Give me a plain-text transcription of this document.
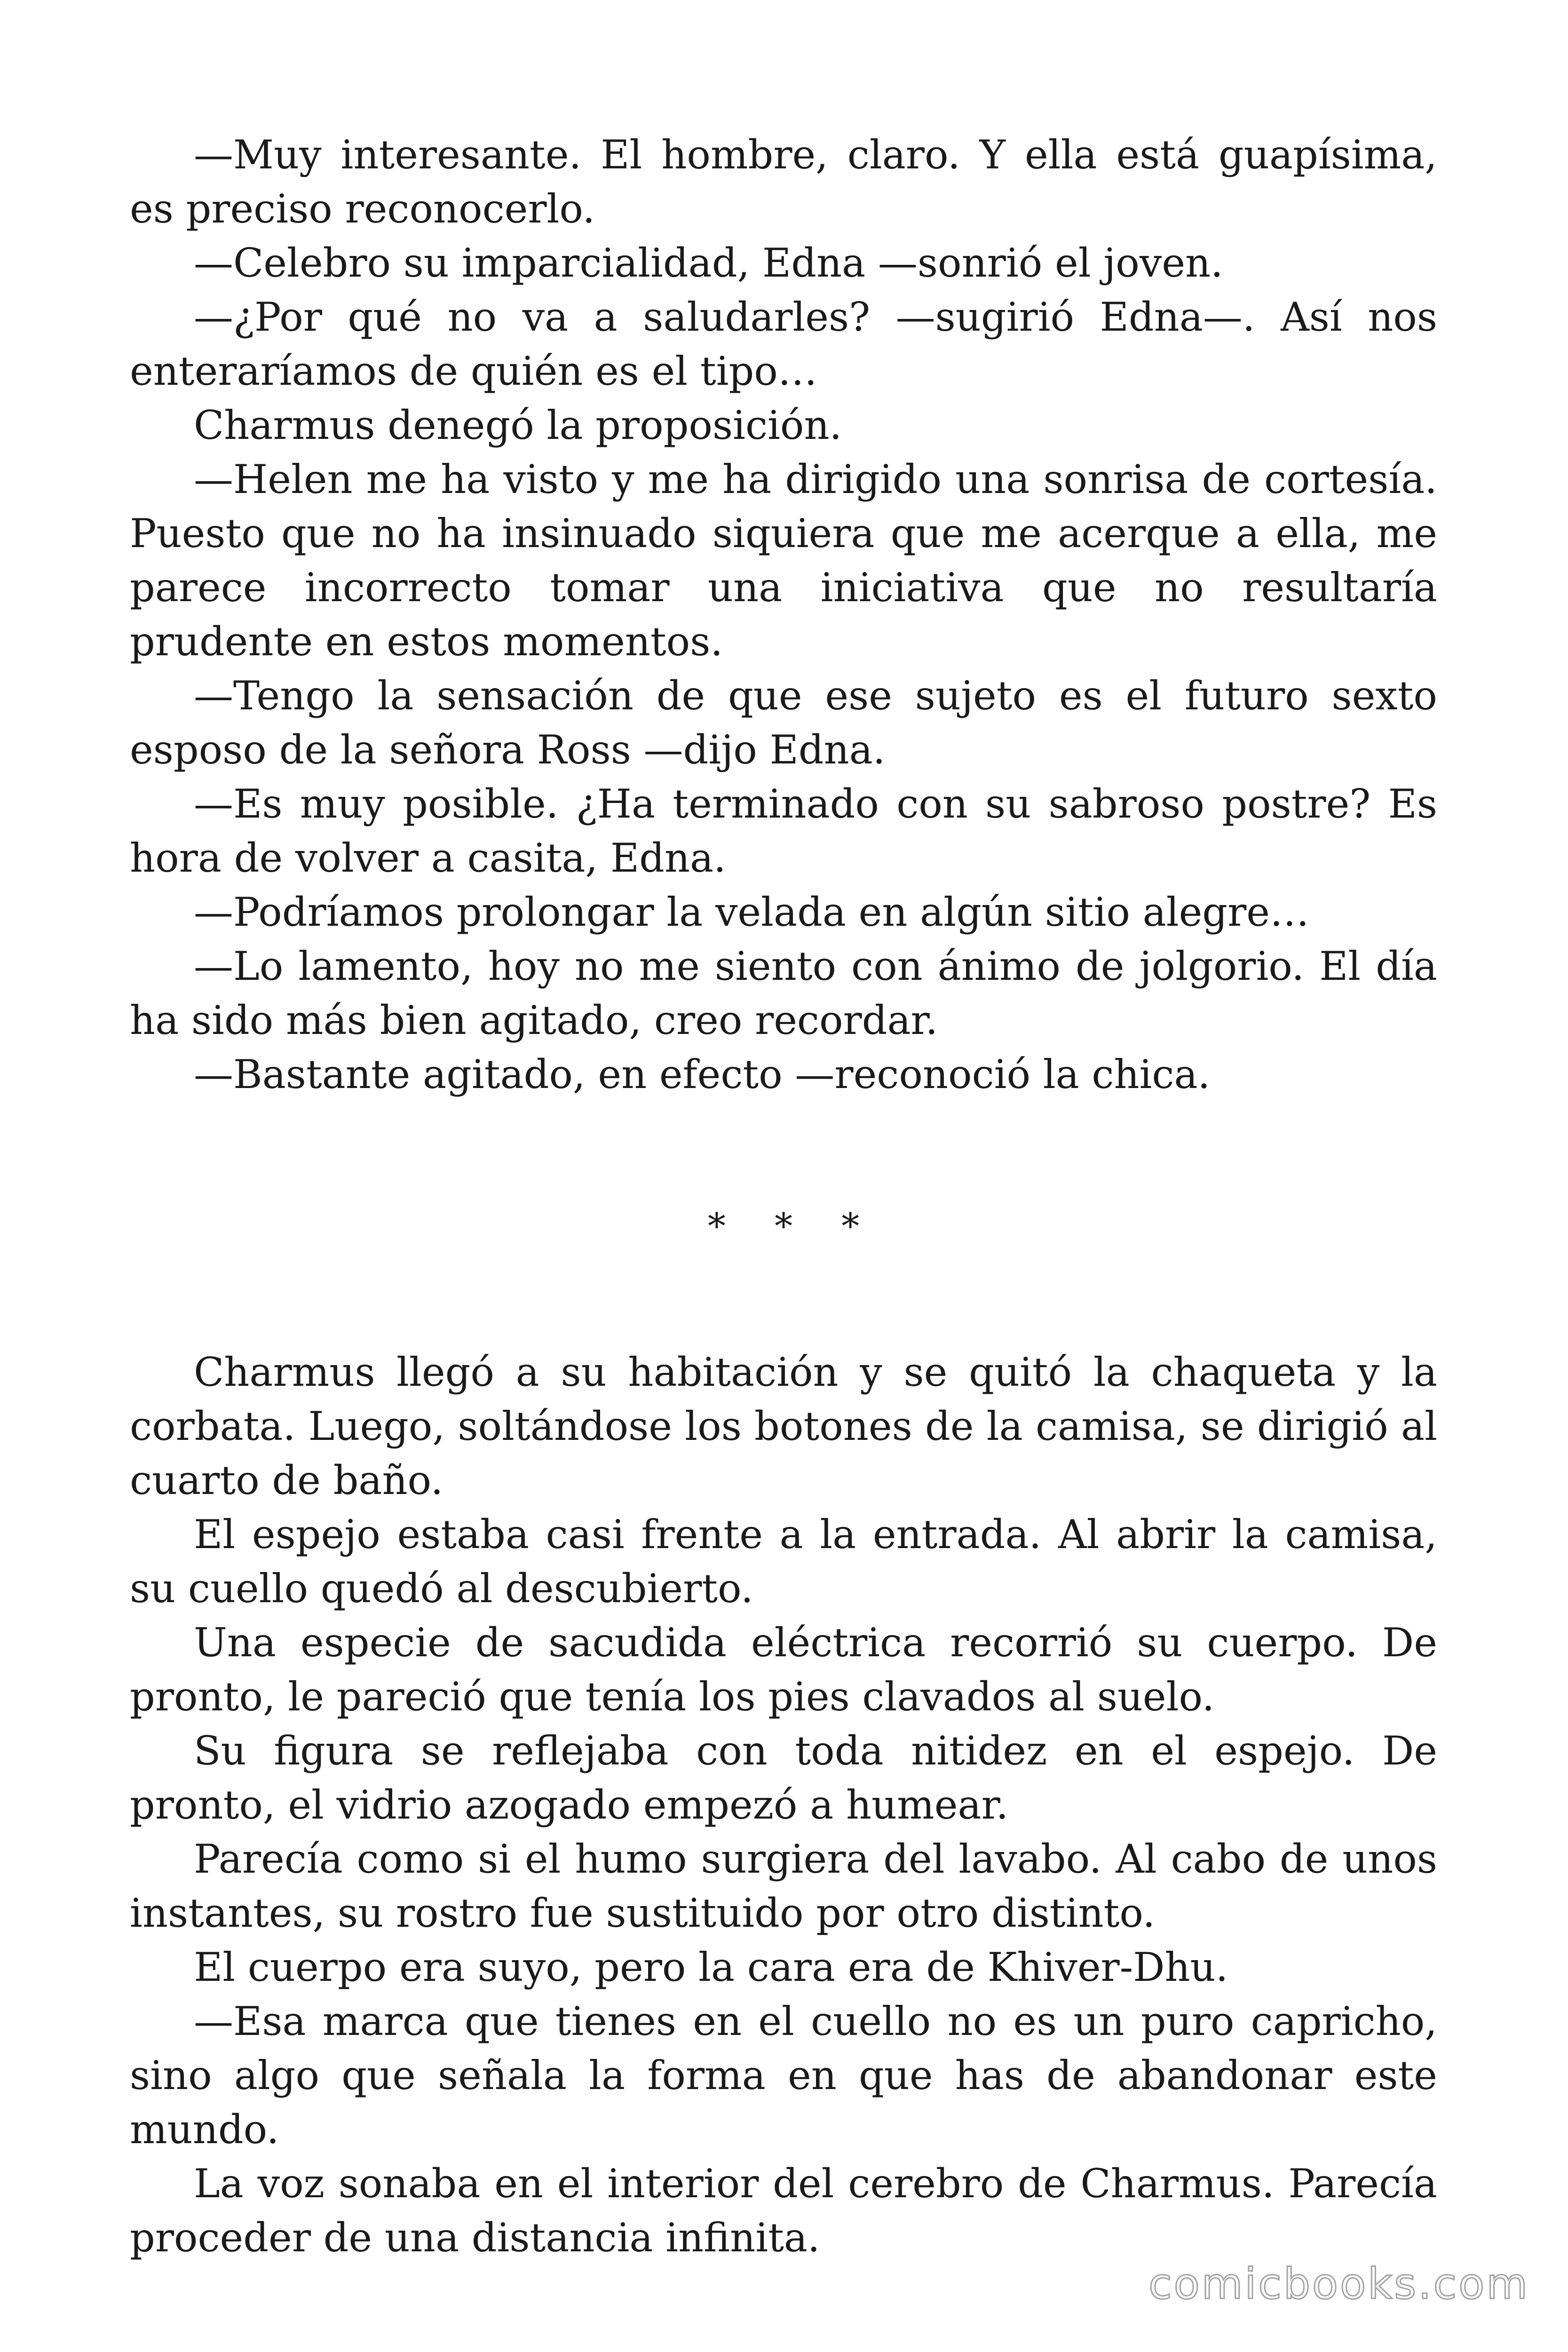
—Muy interesante. El hombre, claro. Y ella está guapísima, es preciso reconocerlo.

—Celebro su imparcialidad, Edna —sonrió el joven.

—¿Por qué no va a saludarles? —sugirió Edna—. Así nos enteraríamos de quién es el tipo…

Charmus denegó la proposición.

—Helen me ha visto y me ha dirigido una sonrisa de cortesía. Puesto que no ha insinuado siquiera que me acerque a ella, me parece incorrecto tomar una iniciativa que no resultaría prudente en estos momentos.

—Tengo la sensación de que ese sujeto es el futuro sexto esposo de la señora Ross —dijo Edna.

—Es muy posible. ¿Ha terminado con su sabroso postre? Es hora de volver a casita, Edna.

—Podríamos prolongar la velada en algún sitio alegre…

—Lo lamento, hoy no me siento con ánimo de jolgorio. El día ha sido más bien agitado, creo recordar.

—Bastante agitado, en efecto —reconoció la chica.

* * *

Charmus llegó a su habitación y se quitó la chaqueta y la corbata. Luego, soltándose los botones de la camisa, se dirigió al cuarto de baño.

El espejo estaba casi frente a la entrada. Al abrir la camisa, su cuello quedó al descubierto.

Una especie de sacudida eléctrica recorrió su cuerpo. De pronto, le pareció que tenía los pies clavados al suelo.

Su figura se reflejaba con toda nitidez en el espejo. De pronto, el vidrio azogado empezó a humear.

Parecía como si el humo surgiera del lavabo. Al cabo de unos instantes, su rostro fue sustituido por otro distinto.

El cuerpo era suyo, pero la cara era de Khiver-Dhu.

—Esa marca que tienes en el cuello no es un puro capricho, sino algo que señala la forma en que has de abandonar este mundo.

La voz sonaba en el interior del cerebro de Charmus. Parecía proceder de una distancia infinita.

comicbooks.com
